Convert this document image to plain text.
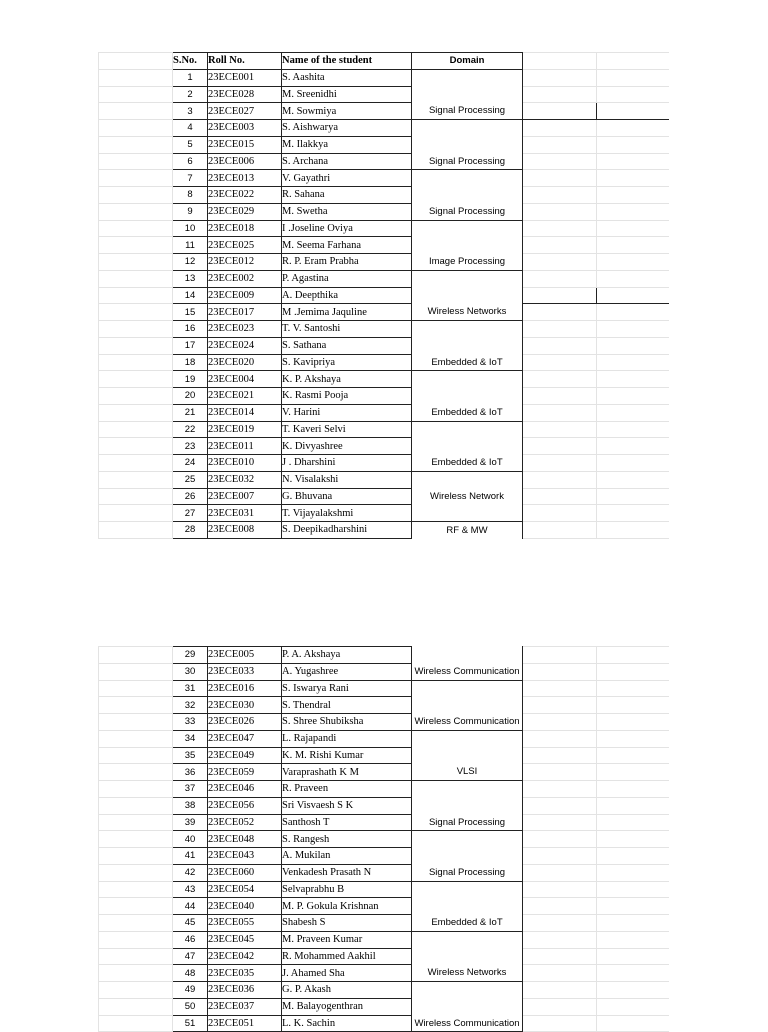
	S.No.	Roll No.	Name of the student	Domain		
	1	23ECE001	S. Aashita			
	2	23ECE028	M. Sreenidhi			
	3	23ECE027	M. Sowmiya	Signal Processing		
	4	23ECE003	S. Aishwarya			
	5	23ECE015	M. Ilakkya			
	6	23ECE006	S. Archana	Signal Processing		
	7	23ECE013	V. Gayathri			
	8	23ECE022	R. Sahana			
	9	23ECE029	M. Swetha	Signal Processing		
	10	23ECE018	I .Joseline Oviya			
	11	23ECE025	M. Seema Farhana			
	12	23ECE012	R. P. Eram Prabha	Image Processing		
	13	23ECE002	P. Agastina			
	14	23ECE009	A. Deepthika			
	15	23ECE017	M .Jemima Jaquline	Wireless Networks		
	16	23ECE023	T. V. Santoshi			
	17	23ECE024	S. Sathana			
	18	23ECE020	S. Kavipriya	Embedded & IoT		
	19	23ECE004	K. P. Akshaya			
	20	23ECE021	K. Rasmi Pooja			
	21	23ECE014	V. Harini	Embedded & IoT		
	22	23ECE019	T. Kaveri Selvi			
	23	23ECE011	K. Divyashree			
	24	23ECE010	J . Dharshini	Embedded & IoT		
	25	23ECE032	N. Visalakshi			
	26	23ECE007	G. Bhuvana	Wireless Network		
	27	23ECE031	T. Vijayalakshmi			
	28	23ECE008	S. Deepikadharshini	RF & MW		
	29	23ECE005	P. A. Akshaya			
	30	23ECE033	A. Yugashree	Wireless Communication		
	31	23ECE016	S. Iswarya Rani			
	32	23ECE030	S. Thendral			
	33	23ECE026	S. Shree Shubiksha	Wireless Communication		
	34	23ECE047	L. Rajapandi			
	35	23ECE049	K. M. Rishi Kumar			
	36	23ECE059	Varaprashath K M	VLSI		
	37	23ECE046	R. Praveen			
	38	23ECE056	Sri Visvaesh S K			
	39	23ECE052	Santhosh T	Signal Processing		
	40	23ECE048	S. Rangesh			
	41	23ECE043	A. Mukilan			
	42	23ECE060	Venkadesh Prasath N	Signal Processing		
	43	23ECE054	Selvaprabhu B			
	44	23ECE040	M. P. Gokula Krishnan			
	45	23ECE055	Shabesh S	Embedded & IoT		
	46	23ECE045	M. Praveen Kumar			
	47	23ECE042	R. Mohammed Aakhil			
	48	23ECE035	J. Ahamed Sha	Wireless Networks		
	49	23ECE036	G. P. Akash			
	50	23ECE037	M. Balayogenthran			
	51	23ECE051	L. K. Sachin	Wireless Communication		
